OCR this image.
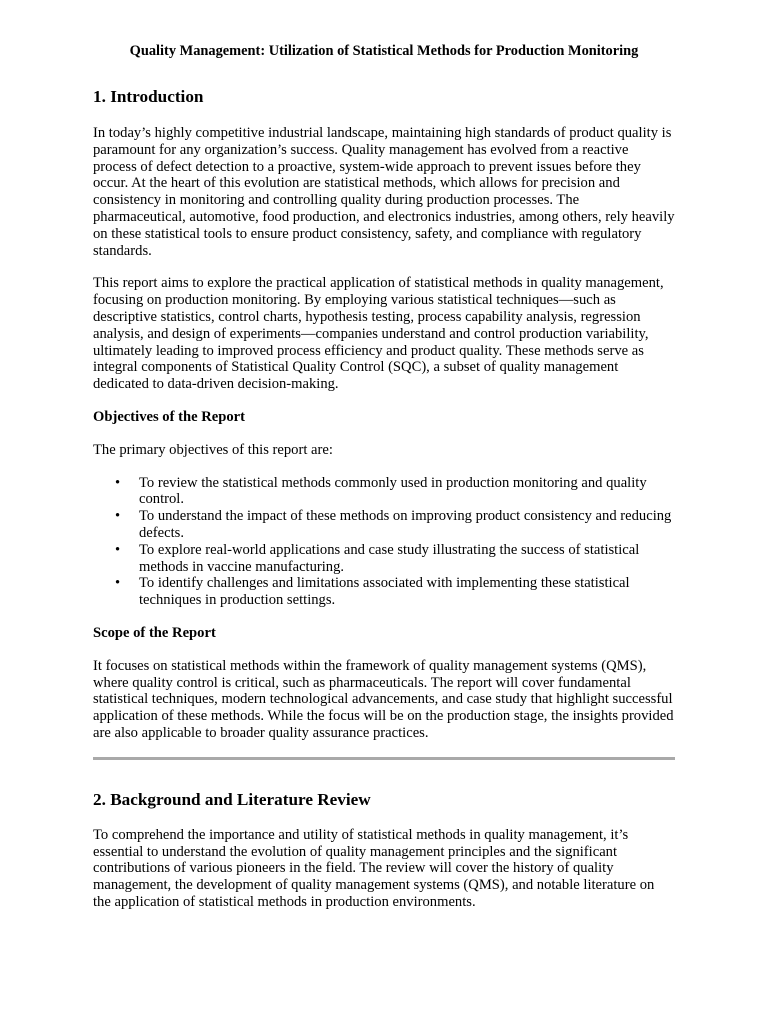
Quality Management: Utilization of Statistical Methods for Production Monitoring
1. Introduction

In today’s highly competitive industrial landscape, maintaining high standards of product quality is paramount for any organization’s success. Quality management has evolved from a reactive process of defect detection to a proactive, system-wide approach to prevent issues before they occur. At the heart of this evolution are statistical methods, which allows for precision and consistency in monitoring and controlling quality during production processes. The pharmaceutical, automotive, food production, and electronics industries, among others, rely heavily on these statistical tools to ensure product consistency, safety, and compliance with regulatory standards.

This report aims to explore the practical application of statistical methods in quality management, focusing on production monitoring. By employing various statistical techniques—such as descriptive statistics, control charts, hypothesis testing, process capability analysis, regression analysis, and design of experiments—companies understand and control production variability, ultimately leading to improved process efficiency and product quality. These methods serve as integral components of Statistical Quality Control (SQC), a subset of quality management dedicated to data-driven decision-making.

Objectives of the Report

The primary objectives of this report are:

• To review the statistical methods commonly used in production monitoring and quality control.
• To understand the impact of these methods on improving product consistency and reducing defects.
• To explore real-world applications and case study illustrating the success of statistical methods in vaccine manufacturing.
• To identify challenges and limitations associated with implementing these statistical techniques in production settings.

Scope of the Report

It focuses on statistical methods within the framework of quality management systems (QMS), where quality control is critical, such as pharmaceuticals. The report will cover fundamental statistical techniques, modern technological advancements, and case study that highlight successful application of these methods. While the focus will be on the production stage, the insights provided are also applicable to broader quality assurance practices.

2. Background and Literature Review

To comprehend the importance and utility of statistical methods in quality management, it’s essential to understand the evolution of quality management principles and the significant contributions of various pioneers in the field. The review will cover the history of quality management, the development of quality management systems (QMS), and notable literature on the application of statistical methods in production environments.
